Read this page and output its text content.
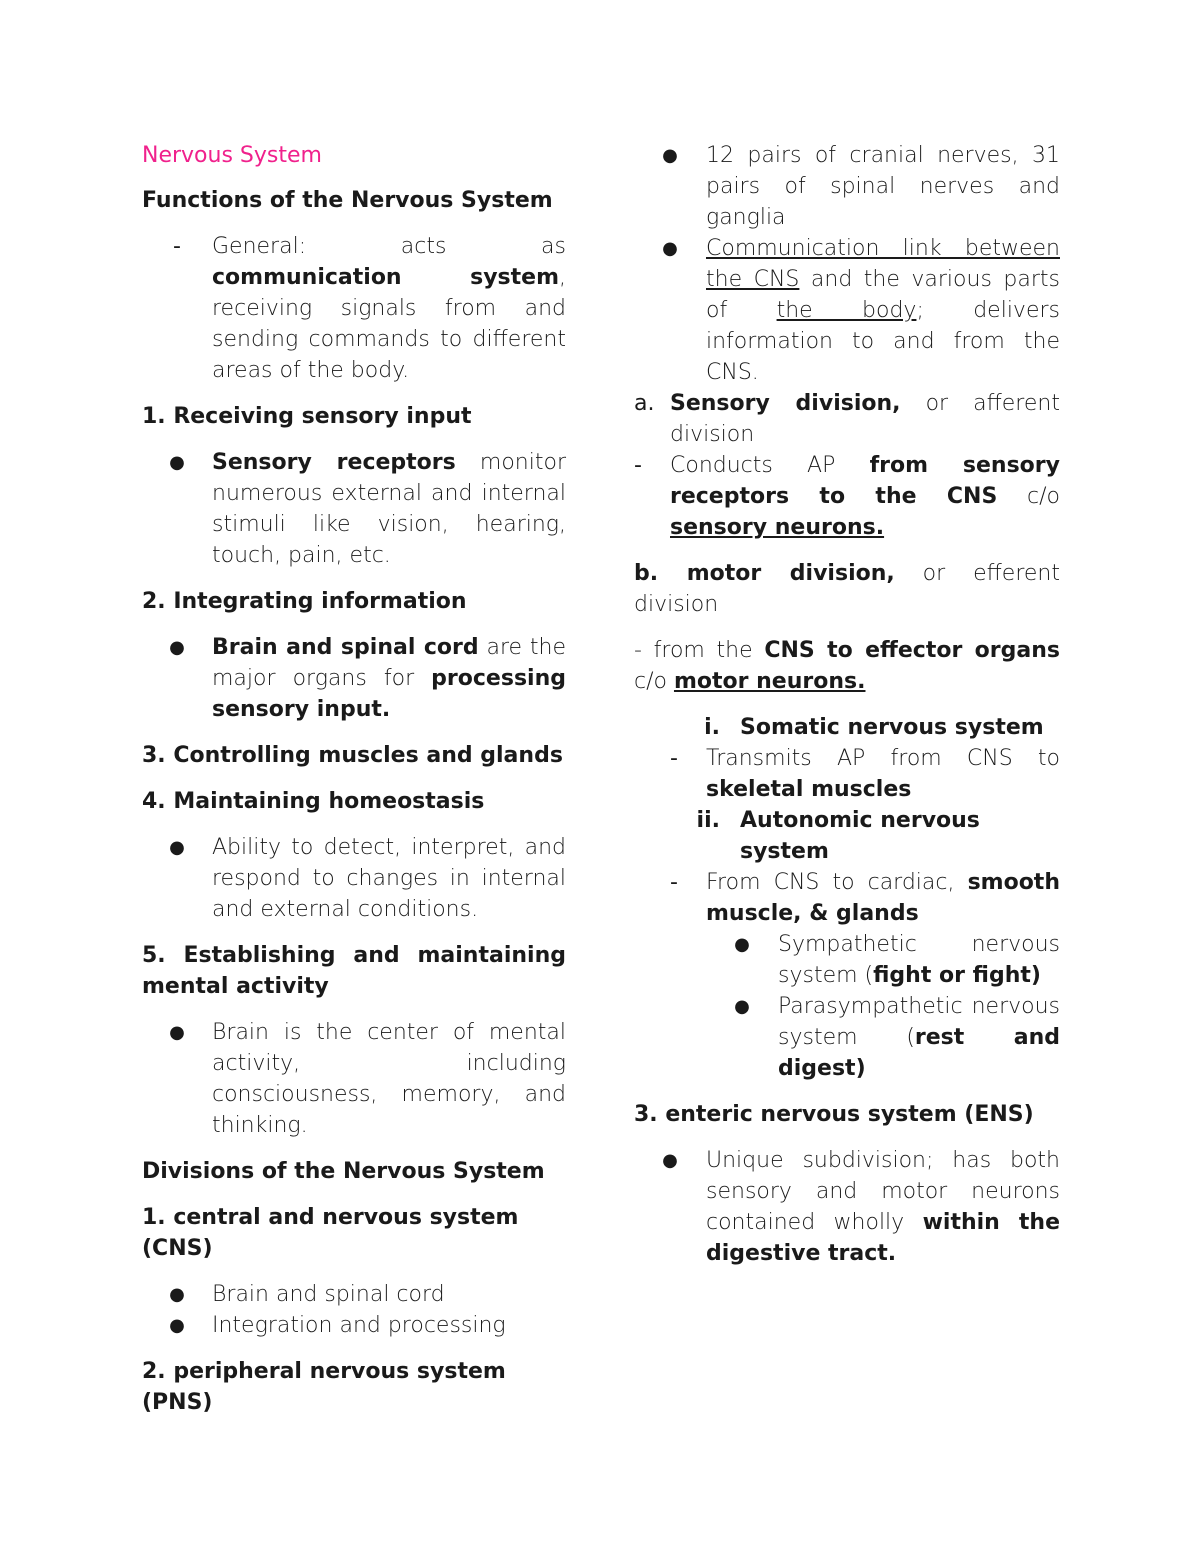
Nervous System

Functions of the Nervous System

-	General: acts as communication system, receiving signals from and sending commands to different areas of the body.

1. Receiving sensory input

●	Sensory receptors monitor numerous external and internal stimuli like vision, hearing, touch, pain, etc.

2. Integrating information

●	Brain and spinal cord are the major organs for processing sensory input.

3. Controlling muscles and glands

4. Maintaining homeostasis

●	Ability to detect, interpret, and respond to changes in internal and external conditions.

5. Establishing and maintaining mental activity

●	Brain is the center of mental activity, including consciousness, memory, and thinking.

Divisions of the Nervous System

1. central and nervous system (CNS)

●	Brain and spinal cord
●	Integration and processing

2. peripheral nervous system (PNS)

●	12 pairs of cranial nerves, 31 pairs of spinal nerves and ganglia
●	Communication link between the CNS and the various parts of the body; delivers information to and from the CNS.
a. Sensory division, or afferent division
-	Conducts AP from sensory receptors to the CNS c/o sensory neurons.

b. motor division, or efferent division

- from the CNS to effector organs c/o motor neurons.

i. Somatic nervous system
-	Transmits AP from CNS to skeletal muscles
ii. Autonomic nervous system
-	From CNS to cardiac, smooth muscle, & glands
●	Sympathetic nervous system (fight or fight)
●	Parasympathetic nervous system (rest and digest)

3. enteric nervous system (ENS)

●	Unique subdivision; has both sensory and motor neurons contained wholly within the digestive tract.
